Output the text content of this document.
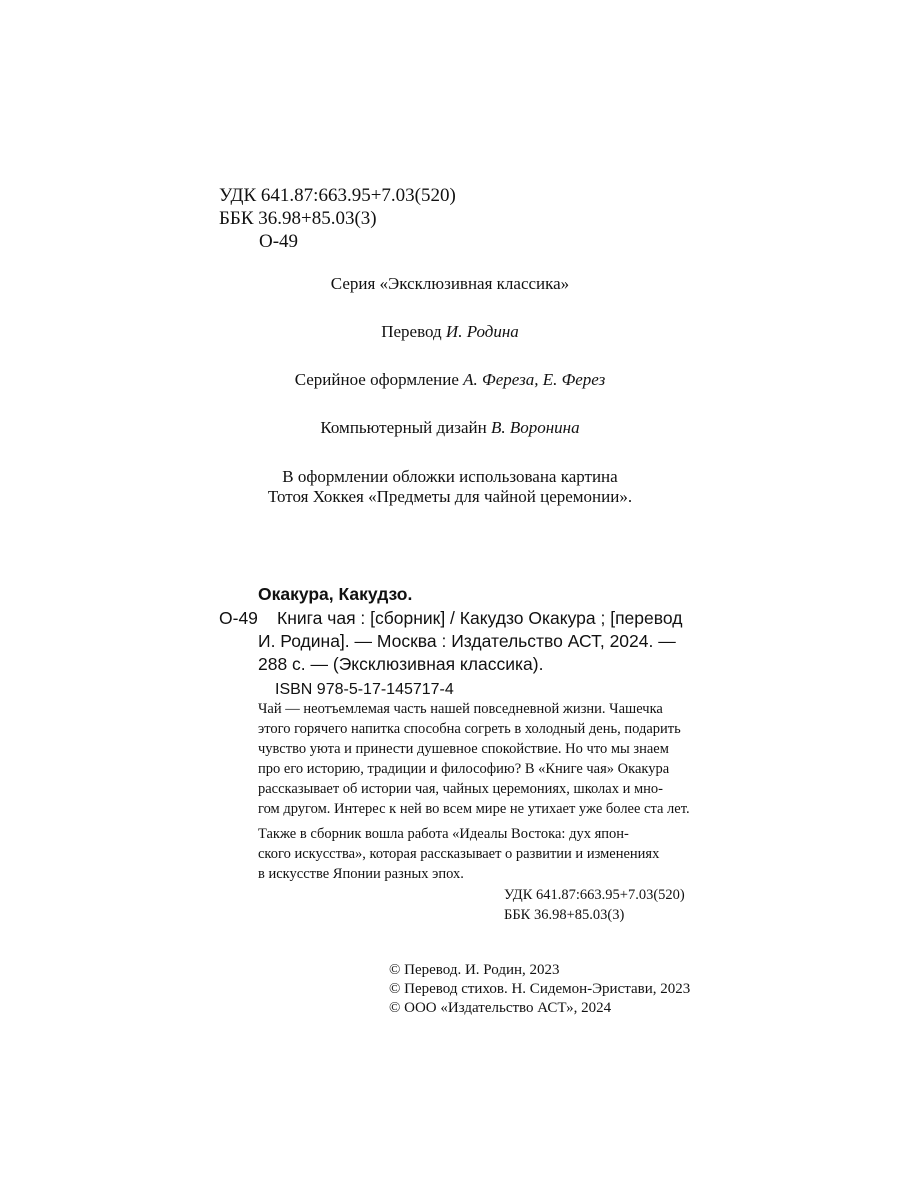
УДК 641.87:663.95+7.03(520)
ББК 36.98+85.03(3)
О-49
Серия «Эксклюзивная классика»
Перевод И. Родина
Серийное оформление А. Фереза, Е. Ферез
Компьютерный дизайн В. Воронина
В оформлении обложки использована картина
Тотоя Хоккея «Предметы для чайной церемонии».
Окакура, Какудзо.
О-49 Книга чая : [сборник] / Какудзо Окакура ; [перевод
И. Родина]. — Москва : Издательство АСТ, 2024. —
288 с. — (Эксклюзивная классика).
ISBN 978-5-17-145717-4
Чай — неотъемлемая часть нашей повседневной жизни. Чашечка
этого горячего напитка способна согреть в холодный день, подарить
чувство уюта и принести душевное спокойствие. Но что мы знаем
про его историю, традиции и философию? В «Книге чая» Окакура
рассказывает об истории чая, чайных церемониях, школах и мно-
гом другом. Интерес к ней во всем мире не утихает уже более ста лет.
Также в сборник вошла работа «Идеалы Востока: дух япон-
ского искусства», которая рассказывает о развитии и изменениях
в искусстве Японии разных эпох.
УДК 641.87:663.95+7.03(520)
ББК 36.98+85.03(3)
© Перевод. И. Родин, 2023
© Перевод стихов. Н. Сидемон-Эристави, 2023
© ООО «Издательство АСТ», 2024
